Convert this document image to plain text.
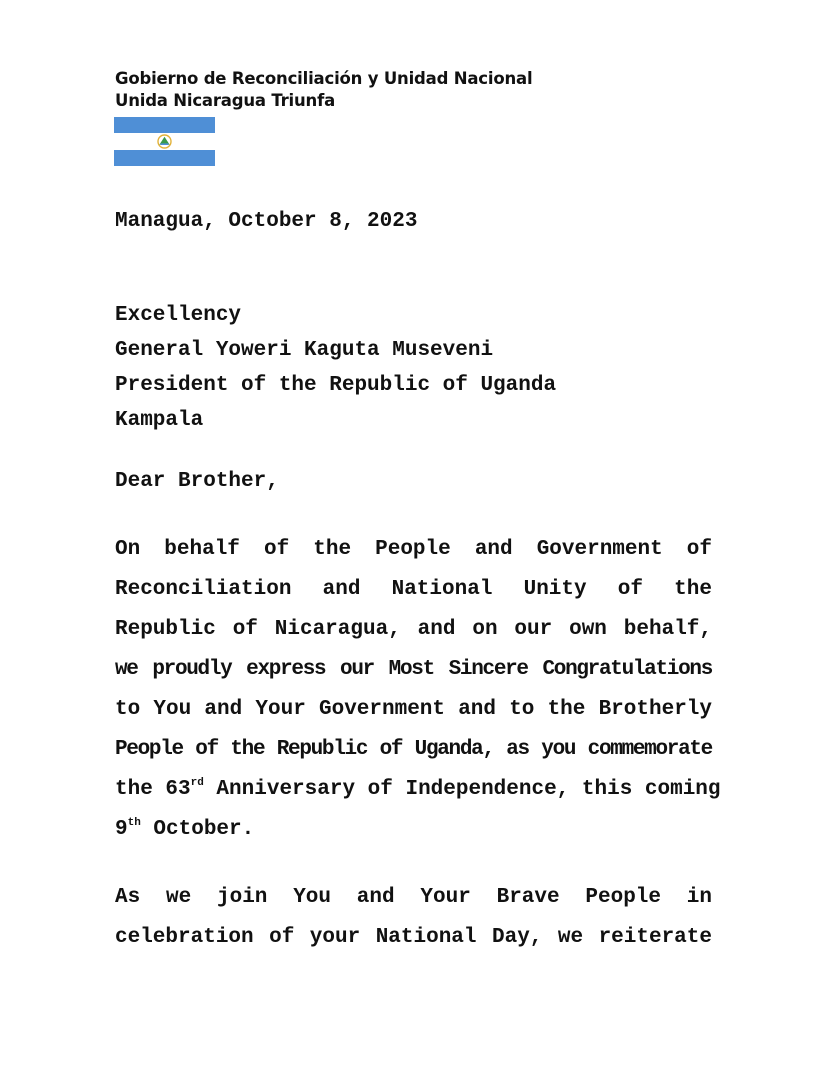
Gobierno de Reconciliación y Unidad Nacional
Unida Nicaragua Triunfa
Managua, October 8, 2023
Excellency
General Yoweri Kaguta Museveni
President of the Republic of Uganda
Kampala
Dear Brother,
On behalf of the People and Government of
Reconciliation and National Unity of the
Republic of Nicaragua, and on our own behalf,
we proudly express our Most Sincere Congratulations
to You and Your Government and to the Brotherly
People of the Republic of Uganda, as you commemorate
the 63rd Anniversary of Independence, this coming
9th October.
As we join You and Your Brave People in
celebration of your National Day, we reiterate
